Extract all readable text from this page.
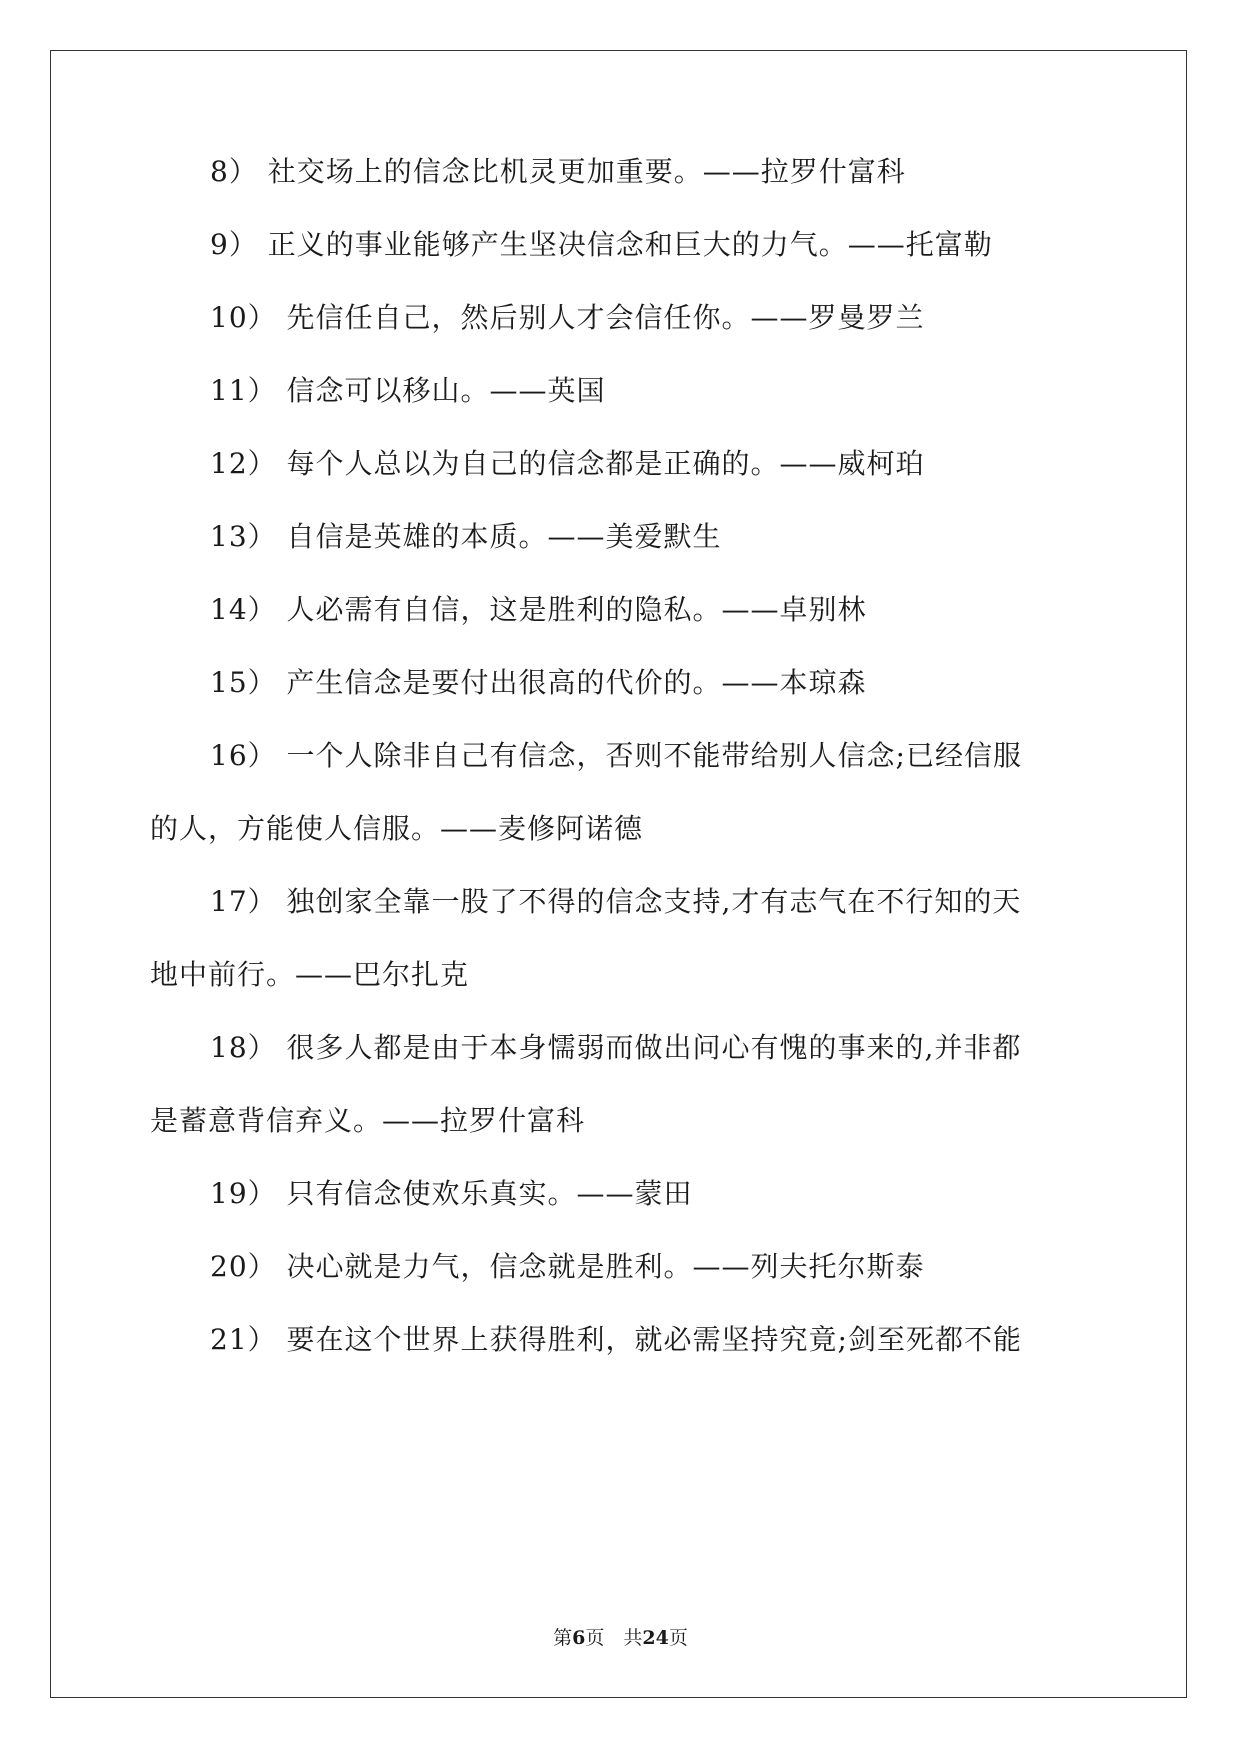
8） 社交场上的信念比机灵更加重要。——拉罗什富科
9） 正义的事业能够产生坚决信念和巨大的力气。——托富勒
10） 先信任自己，然后别人才会信任你。——罗曼罗兰
11） 信念可以移山。——英国
12） 每个人总以为自己的信念都是正确的。——威柯珀
13） 自信是英雄的本质。——美爱默生
14） 人必需有自信，这是胜利的隐私。——卓别林
15） 产生信念是要付出很高的代价的。——本琼森
16） 一个人除非自己有信念，否则不能带给别人信念;已经信服
的人，方能使人信服。——麦修阿诺德
17） 独创家全靠一股了不得的信念支持,才有志气在不行知的天
地中前行。——巴尔扎克
18） 很多人都是由于本身懦弱而做出问心有愧的事来的,并非都
是蓄意背信弃义。——拉罗什富科
19） 只有信念使欢乐真实。——蒙田
20） 决心就是力气，信念就是胜利。——列夫托尔斯泰
21） 要在这个世界上获得胜利，就必需坚持究竟;剑至死都不能
第6页　共24页
